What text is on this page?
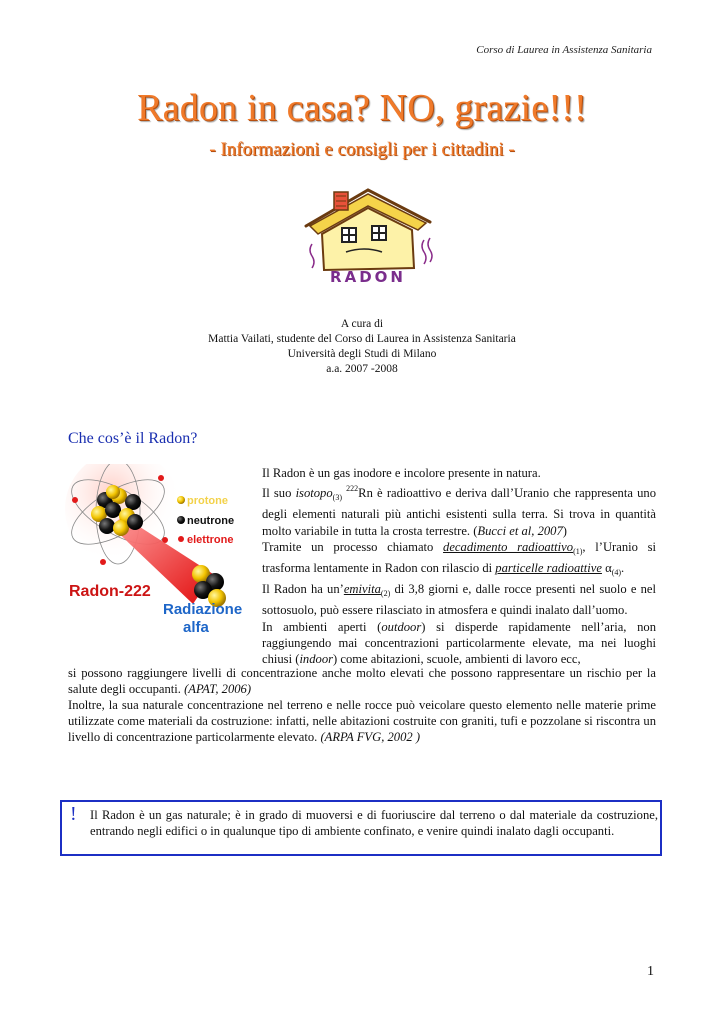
Corso di Laurea in Assistenza Sanitaria
Radon in casa? NO, grazie!!!
- Informazioni e consigli per i cittadini -
RADON
A cura di
Mattia Vailati, studente del Corso di Laurea in Assistenza Sanitaria
Università degli Studi di Milano
a.a. 2007 -2008
Che cos’è il Radon?
protone
neutrone
elettrone
Radon-222
Radiazione
alfa

Il Radon è un gas inodore e incolore presente in natura.

Il suo isotopo$_{(3)}$ $^{222}$Rn è radioattivo e deriva dall’Uranio che rappresenta uno degli elementi naturali più antichi esistenti sulla terra. Si trova in quantità molto variabile in tutta la crosta terrestre. (Bucci et al, 2007)

Tramite un processo chiamato decadimento radioattivo$_{(1)}$, l’Uranio si trasforma lentamente in Radon con rilascio di particelle radioattive $\alpha_{(4)}$.

Il Radon ha un’emivita$_{(2)}$ di 3,8 giorni e, dalle rocce presenti nel suolo e nel sottosuolo, può essere rilasciato in atmosfera e quindi inalato dall’uomo.

In ambienti aperti (outdoor) si disperde rapidamente nell’aria, non raggiungendo mai concentrazioni particolarmente elevate, ma nei luoghi chiusi (indoor) come abitazioni, scuole, ambienti di lavoro ecc,

si possono raggiungere livelli di concentrazione anche molto elevati che possono rappresentare un rischio per la salute degli occupanti. (APAT, 2006)

Inoltre, la sua naturale concentrazione nel terreno e nelle rocce può veicolare questo elemento nelle materie prime utilizzate come materiali da costruzione: infatti, nelle abitazioni costruite con graniti, tufi e pozzolane si riscontra un livello di concentrazione particolarmente elevato. (ARPA FVG, 2002 )

! Il Radon è un gas naturale; è in grado di muoversi e di fuoriuscire dal terreno o dal materiale da costruzione, entrando negli edifici o in qualunque tipo di ambiente confinato, e venire quindi inalato dagli occupanti.
1
